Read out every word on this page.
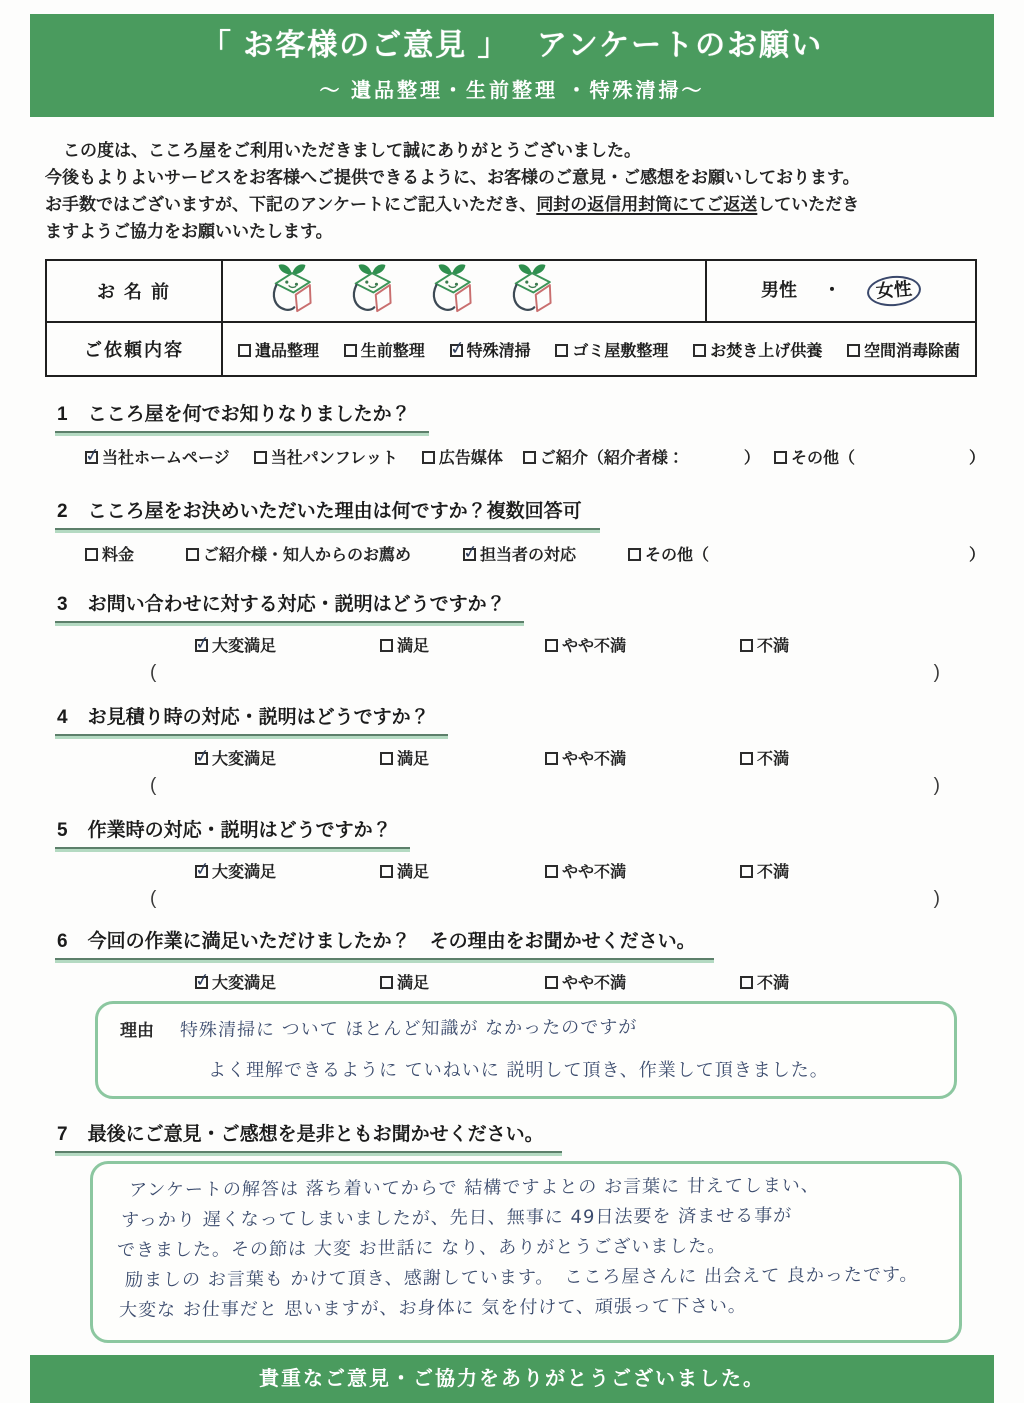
「 お客様のご意見 」　 アンケートのお願い
～ 遺品整理・生前整理 ・特殊清掃～
この度は、こころ屋をご利用いただきまして誠にありがとうございました。
今後もよりよいサービスをお客様へご提供できるように、お客様のご意見・ご感想をお願いしております。
お手数ではございますが、下記のアンケートにご記入いただき、同封の返信用封筒にてご返送していただき
ますようご協力をお願いいたします。
お 名 前		男性 ・ 女性
ご依頼内容	遺品整理	生前整理 ✓	特殊清掃	ゴミ屋敷整理	お焚き上げ供養	空間消毒除菌
1 こころ屋を何でお知りなりましたか？
✓当社ホームページ	当社パンフレット	広告媒体	ご紹介（紹介者様：	）	その他（	）
2 こころ屋をお決めいただいた理由は何ですか？複数回答可
料金	ご紹介様・知人からのお薦め ✓	担当者の対応	その他（	）
3 お問い合わせに対する対応・説明はどうですか？
✓大変満足	満足	やや不満	不満
(	)
4 お見積り時の対応・説明はどうですか？
✓大変満足	満足	やや不満	不満
(	)
5 作業時の対応・説明はどうですか？
✓大変満足	満足	やや不満	不満
(	)
6 今回の作業に満足いただけましたか？　その理由をお聞かせください。
✓大変満足	満足	やや不満	不満
理由 特殊清掃に ついて ほとんど知識が なかったのですが
よく理解できるように ていねいに 説明して頂き、作業して頂きました。
7 最後にご意見・ご感想を是非ともお聞かせください。
アンケートの解答は 落ち着いてからで 結構ですよとの お言葉に 甘えてしまい、
すっかり 遅くなってしまいましたが、先日、無事に 49日法要を 済ませる事が
できました。その節は 大変 お世話に なり、ありがとうございました。
励ましの お言葉も かけて頂き、感謝しています。　こころ屋さんに 出会えて 良かったです。
大変な お仕事だと 思いますが、お身体に 気を付けて、頑張って下さい。
貴重なご意見・ご協力をありがとうございました。
